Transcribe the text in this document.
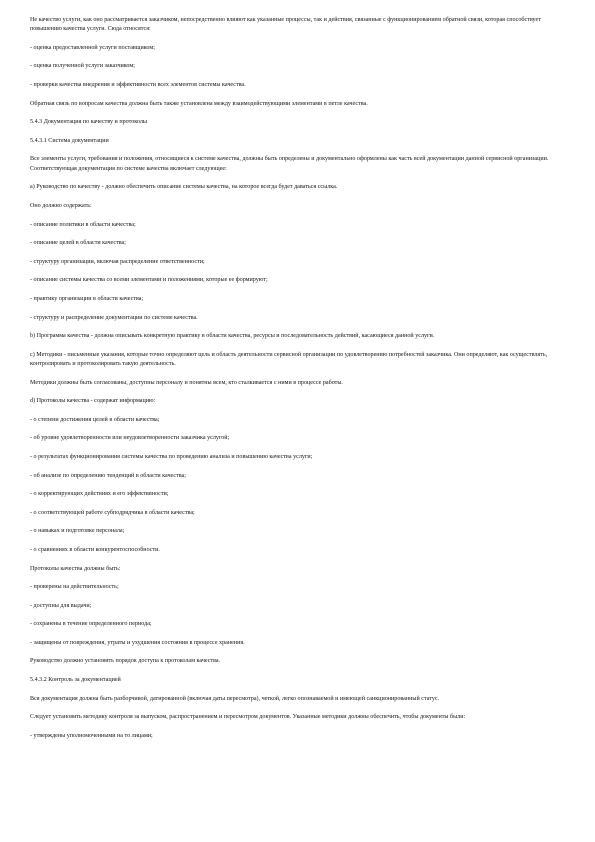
Не качество услуги, как оно рассматривается заказчиком, непосредственно влияют как указанные процессы, так и действия, связанные с функционированием обратной связи, которая способствует повышению качества услуги. Сюда относятся:

- оценка предоставленной услуги поставщиком;

- оценка полученной услуги заказчиком;

- проверки качества внедрения и эффективности всех элементов системы качества.

Обратная связь по вопросам качества должна быть также установлена между взаимодействующими элементами в петле качества.

5.4.3 Документация по качеству и протоколы

5.4.3.1 Система документации

Все элементы услуги, требования и положения, относящиеся к системе качества, должны быть определены и документально оформлены как часть всей документации данной сервисной организации. Соответствующая документация по системе качества включает следующее:

а) Руководство по качеству - должно обеспечить описание системы качества, на которое всегда будет даваться ссылка.

Оно должно содержать:

- описание политики в области качества;

- описание целей в области качества;

- структуру организации, включая распределение ответственности;

- описание системы качества со всеми элементами и положениями, которые ее формируют;

- практику организации в области качества;

- структуру и распределение документации по системе качества.

b) Программа качества - должна описывать конкретную практику в области качества, ресурсы и последовательность действий, касающиеся данной услуги.

c) Методики - письменные указания, которые точно определяют цель и область деятельности сервисной организации по удовлетворению потребностей заказчика. Они определяют, как осуществлять, контролировать и протоколировать такую деятельность.

Методики должны быть согласованы, доступны персоналу и понятны всем, кто сталкивается с ними в процессе работы.

d) Протоколы качества - содержат информацию:

- о степени достижения целей в области качества;

- об уровне удовлетворенности или неудовлетворенности заказчика услугой;

- о результатах функционирования системы качества по проведению анализа и повышению качества услуги;

- об анализе по определению тенденций в области качества;

- о корректирующих действиях и его эффективности;

- о соответствующей работе субподрядчика в области качества;

- о навыках и подготовке персонала;

- о сравнениях в области конкурентоспособности.

Протоколы качества должны быть:

- проверены на действительность;

- доступны для выдачи;

- сохранены в течение определенного периода;

- защищены от повреждения, утраты и ухудшения состояния в процессе хранения.

Руководство должно установить порядок доступа к протоколам качества.

5.4.3.2 Контроль за документацией

Вся документация должна быть разборчивой, датированной (включая даты пересмотра), четкой, легко опознаваемой и имеющей санкционированный статус.

Следует установить методику контроля за выпуском, распространением и пересмотром документов. Указанные методики должны обеспечить, чтобы документы были:

- утверждены уполномоченными на то лицами;
